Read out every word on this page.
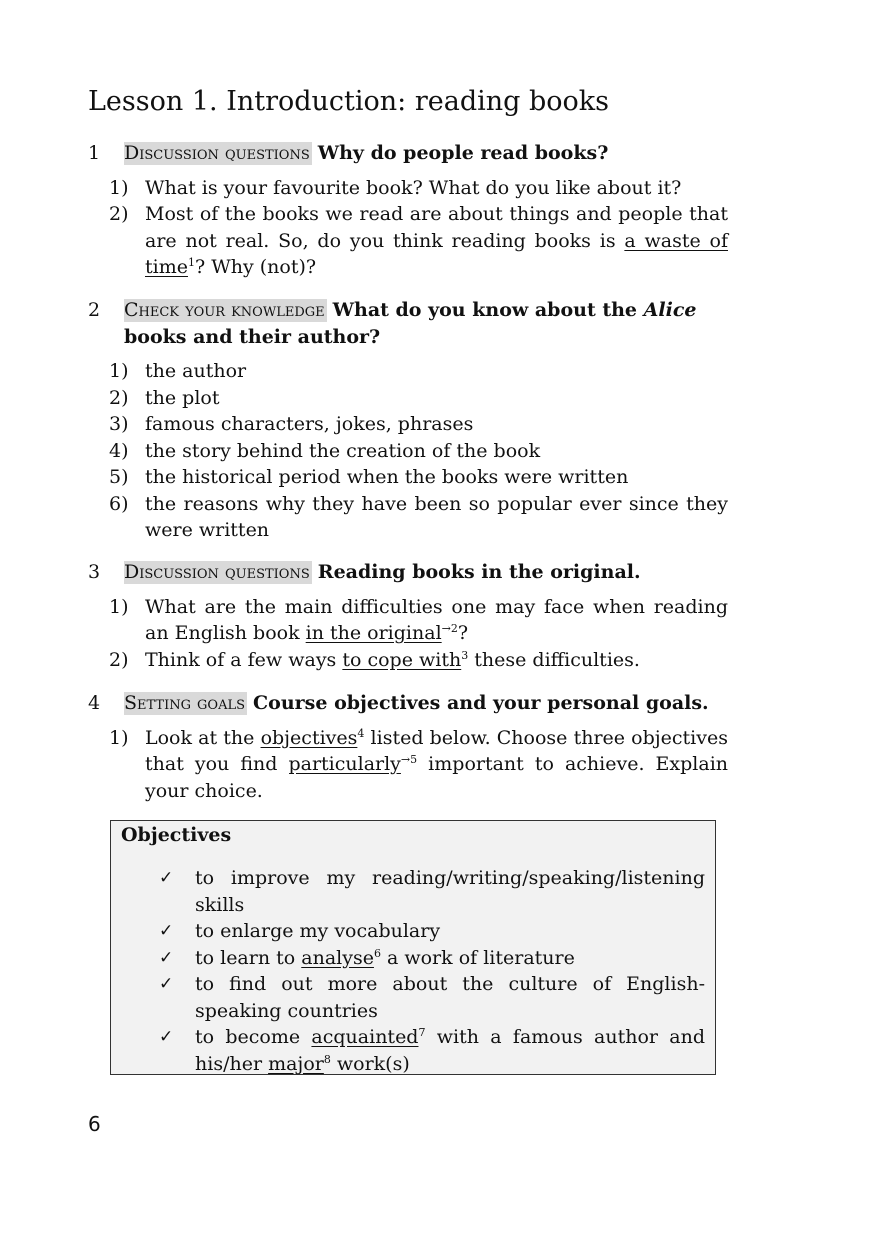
Lesson 1. Introduction: reading books
1 Discussion questions Why do people read books?
1) What is your favourite book? What do you like about it?
2) Most of the books we read are about things and people that are not real. So, do you think reading books is a waste of time$^1$? Why (not)?
2 Check your knowledge What do you know about the Alice books and their author?
1) the author
2) the plot
3) famous characters, jokes, phrases
4) the story behind the creation of the book
5) the historical period when the books were written
6) the reasons why they have been so popular ever since they were written
3 Discussion questions Reading books in the original.
1) What are the main difficulties one may face when reading an English book in the original$^{\to 2}$?
2) Think of a few ways to cope with$^3$ these difficulties.
4 Setting goals Course objectives and your personal goals.
1) Look at the objectives$^4$ listed below. Choose three objectives that you find particularly$^{\to 5}$ important to achieve. Explain your choice.
Objectives
✓ to improve my reading/writing/speaking/listening skills
✓ to enlarge my vocabulary
✓ to learn to analyse$^6$ a work of literature
✓ to find out more about the culture of English-speaking countries
✓ to become acquainted$^7$ with a famous author and his/her major$^8$ work(s)
6
